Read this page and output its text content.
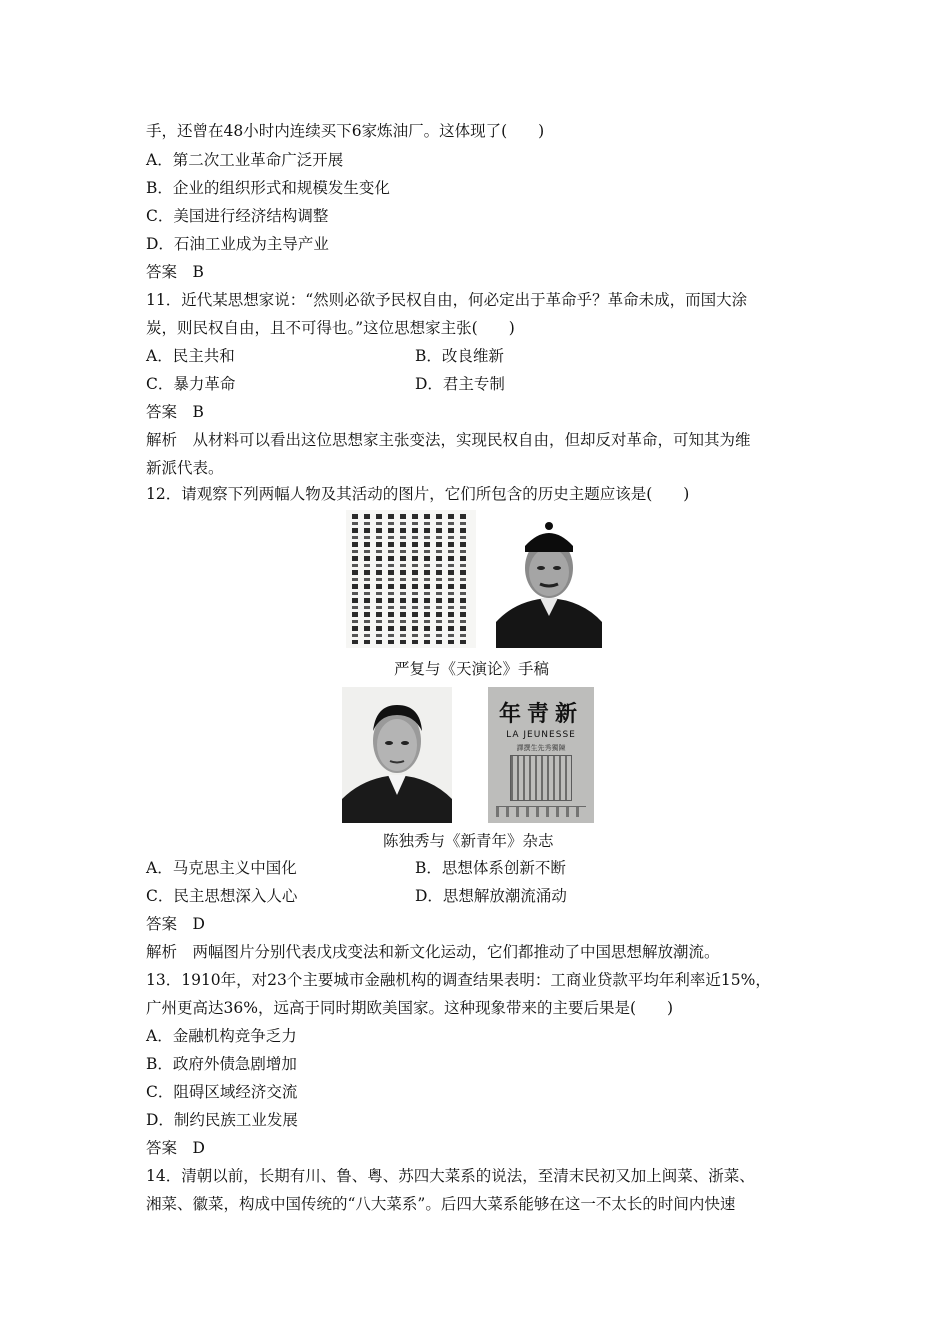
手，还曾在48小时内连续买下6家炼油厂。这体现了(　　)
A．第二次工业革命广泛开展
B．企业的组织形式和规模发生变化
C．美国进行经济结构调整
D．石油工业成为主导产业
答案　B
11．近代某思想家说：“然则必欲予民权自由，何必定出于革命乎？革命未成，而国大涂
炭，则民权自由，且不可得也。”这位思想家主张(　　)
A．民主共和	B．改良维新
C．暴力革命	D．君主专制
答案　B
解析　从材料可以看出这位思想家主张变法，实现民权自由，但却反对革命，可知其为维
新派代表。
12．请观察下列两幅人物及其活动的图片，它们所包含的历史主题应该是(　　)
严复与《天演论》手稿
年靑新
LA JEUNESSE
譯撰生先秀獨陳
陈独秀与《新青年》杂志
A．马克思主义中国化	B．思想体系创新不断
C．民主思想深入人心	D．思想解放潮流涌动
答案　D
解析　两幅图片分别代表戊戌变法和新文化运动，它们都推动了中国思想解放潮流。
13．1910年，对23个主要城市金融机构的调查结果表明：工商业贷款平均年利率近15%，
广州更高达36%，远高于同时期欧美国家。这种现象带来的主要后果是(　　)
A．金融机构竞争乏力
B．政府外债急剧增加
C．阻碍区域经济交流
D．制约民族工业发展
答案　D
14．清朝以前，长期有川、鲁、粤、苏四大菜系的说法，至清末民初又加上闽菜、浙菜、
湘菜、徽菜，构成中国传统的“八大菜系”。后四大菜系能够在这一不太长的时间内快速
